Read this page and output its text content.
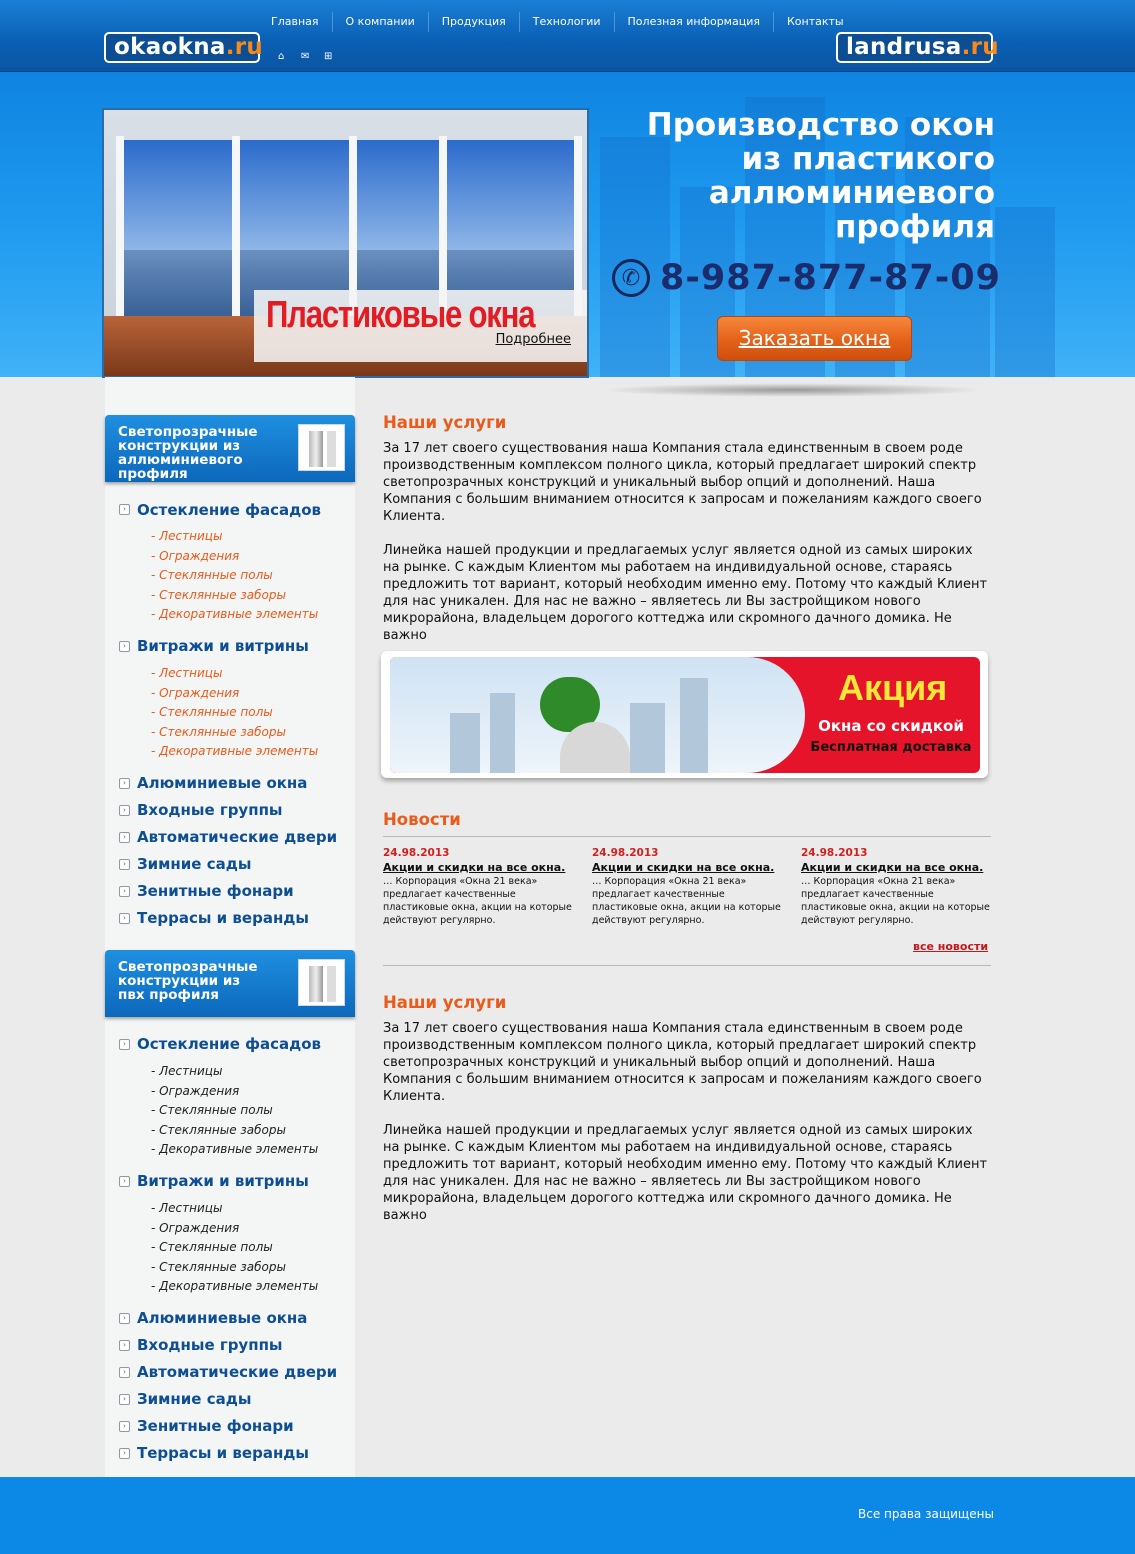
okaokna.ru
Главная	О компании	Продукция	Технологии	Полезная информация	Контакты
⌂	✉ ⊞	landrusa.ru
Пластиковые окна
Подробнее
Производство окон
из пластикого
аллюминиевого
профиля
✆ 8-987-877-87-09
Заказать окна
Светопрозрачные
конструкции из
аллюминиевого
профиля
› Остекление фасадов
- Лестницы
- Ограждения
- Стеклянные полы
- Стеклянные заборы
- Декоративные элементы
› Витражи и витрины
- Лестницы
- Ограждения
- Стеклянные полы
- Стеклянные заборы
- Декоративные элементы
› Алюминиевые окна
› Входные группы
› Автоматические двери
› Зимние сады
› Зенитные фонари
› Террасы и веранды
Светопрозрачные
конструкции из
пвх профиля
› Остекление фасадов
- Лестницы
- Ограждения
- Стеклянные полы
- Стеклянные заборы
- Декоративные элементы
› Витражи и витрины
- Лестницы
- Ограждения
- Стеклянные полы
- Стеклянные заборы
- Декоративные элементы
› Алюминиевые окна
› Входные группы
› Автоматические двери
› Зимние сады
› Зенитные фонари
› Террасы и веранды
Наши услуги

За 17 лет своего существования наша Компания стала единственным в своем роде производственным комплексом полного цикла, который предлагает широкий спектр светопрозрачных конструкций и уникальный выбор опций и дополнений. Наша Компания с большим вниманием относится к запросам и пожеланиям каждого своего Клиента.

Линейка нашей продукции и предлагаемых услуг является одной из самых широких на рынке. С каждым Клиентом мы работаем на индивидуальной основе, стараясь предложить тот вариант, который необходим именно ему. Потому что каждый Клиент для нас уникален. Для нас не важно – являетесь ли Вы застройщиком нового микрорайона, владельцем дорогого коттеджа или скромного дачного домика. Не важно

Акция
Окна со скидкой
Бесплатная доставка
Новости
24.98.2013
Акции и скидки на все окна.
… Корпорация «Окна 21 века» предлагает качественные пластиковые окна, акции на которые действуют регулярно.
24.98.2013
Акции и скидки на все окна.
… Корпорация «Окна 21 века» предлагает качественные пластиковые окна, акции на которые действуют регулярно.
24.98.2013
Акции и скидки на все окна.
… Корпорация «Окна 21 века» предлагает качественные пластиковые окна, акции на которые действуют регулярно.
все новости
Наши услуги

За 17 лет своего существования наша Компания стала единственным в своем роде производственным комплексом полного цикла, который предлагает широкий спектр светопрозрачных конструкций и уникальный выбор опций и дополнений. Наша Компания с большим вниманием относится к запросам и пожеланиям каждого своего Клиента.

Линейка нашей продукции и предлагаемых услуг является одной из самых широких на рынке. С каждым Клиентом мы работаем на индивидуальной основе, стараясь предложить тот вариант, который необходим именно ему. Потому что каждый Клиент для нас уникален. Для нас не важно – являетесь ли Вы застройщиком нового микрорайона, владельцем дорогого коттеджа или скромного дачного домика. Не важно

Все права защищены
